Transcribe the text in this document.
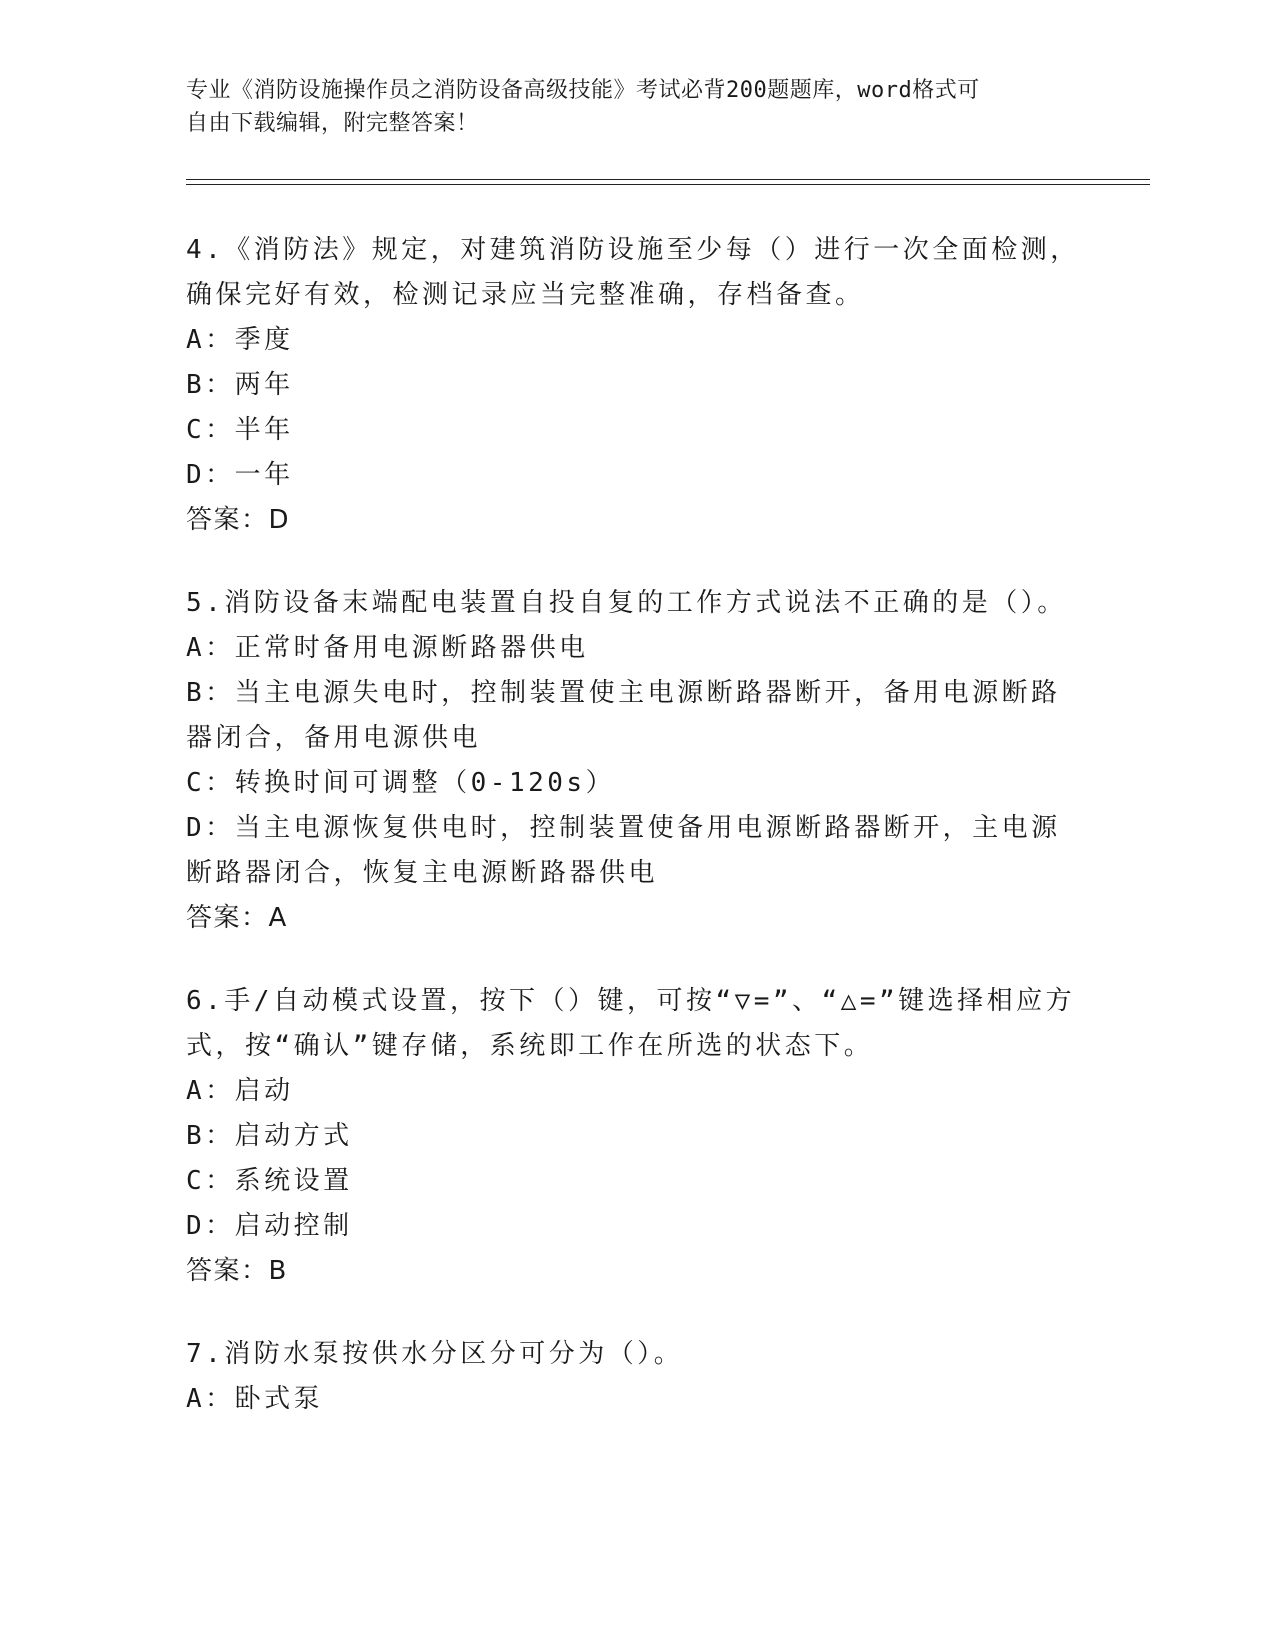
专业《消防设施操作员之消防设备高级技能》考试必背200题题库，word格式可
自由下载编辑，附完整答案！
4.《消防法》规定，对建筑消防设施至少每（）进行一次全面检测，确保完好有效，检测记录应当完整准确，存档备查。
A：季度
B：两年
C：半年
D：一年
答案：D
5.消防设备末端配电装置自投自复的工作方式说法不正确的是（）。
A：正常时备用电源断路器供电
B：当主电源失电时，控制装置使主电源断路器断开，备用电源断路器闭合，备用电源供电
C：转换时间可调整（0-120s）
D：当主电源恢复供电时，控制装置使备用电源断路器断开，主电源断路器闭合，恢复主电源断路器供电
答案：A
6.手/自动模式设置，按下（）键，可按“▽=”、“△=”键选择相应方式，按“确认”键存储，系统即工作在所选的状态下。
A：启动
B：启动方式
C：系统设置
D：启动控制
答案：B
7.消防水泵按供水分区分可分为（）。
A：卧式泵
